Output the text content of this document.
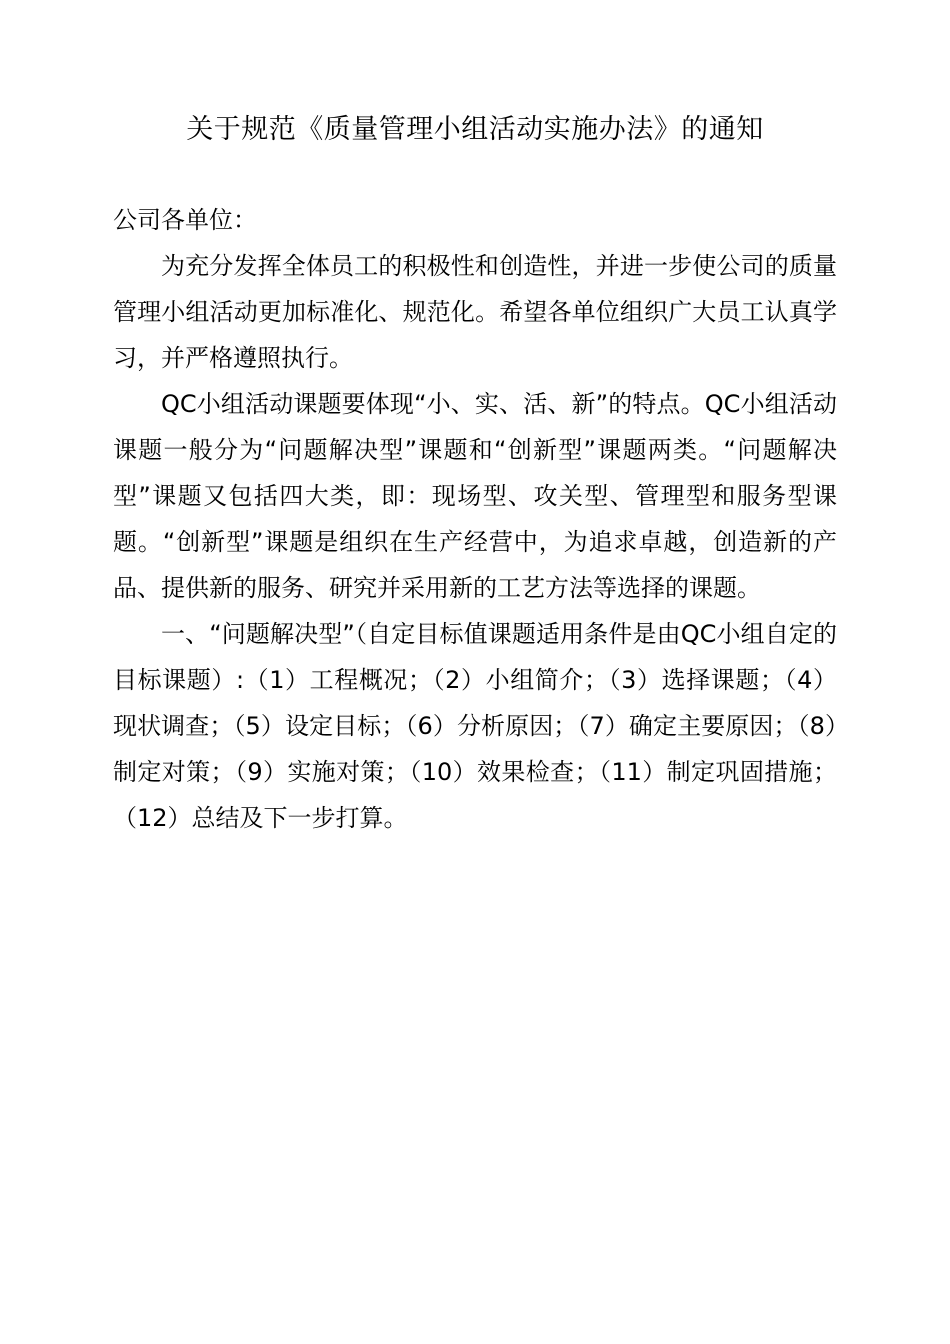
关于规范《质量管理小组活动实施办法》的通知

公司各单位：

为充分发挥全体员工的积极性和创造性，并进一步使公司的质量管理小组活动更加标准化、规范化。希望各单位组织广大员工认真学习，并严格遵照执行。

QC小组活动课题要体现“小、实、活、新”的特点。QC小组活动课题一般分为“问题解决型”课题和“创新型”课题两类。“问题解决型”课题又包括四大类，即：现场型、攻关型、管理型和服务型课题。“创新型”课题是组织在生产经营中，为追求卓越，创造新的产品、提供新的服务、研究并采用新的工艺方法等选择的课题。

一、“问题解决型”（自定目标值课题适用条件是由QC小组自定的目标课题）:（1）工程概况；（2）小组简介；（3）选择课题；（4）现状调查；（5）设定目标；（6）分析原因；（7）确定主要原因；（8）制定对策；（9）实施对策；（10）效果检查；（11）制定巩固措施；（12）总结及下一步打算。
